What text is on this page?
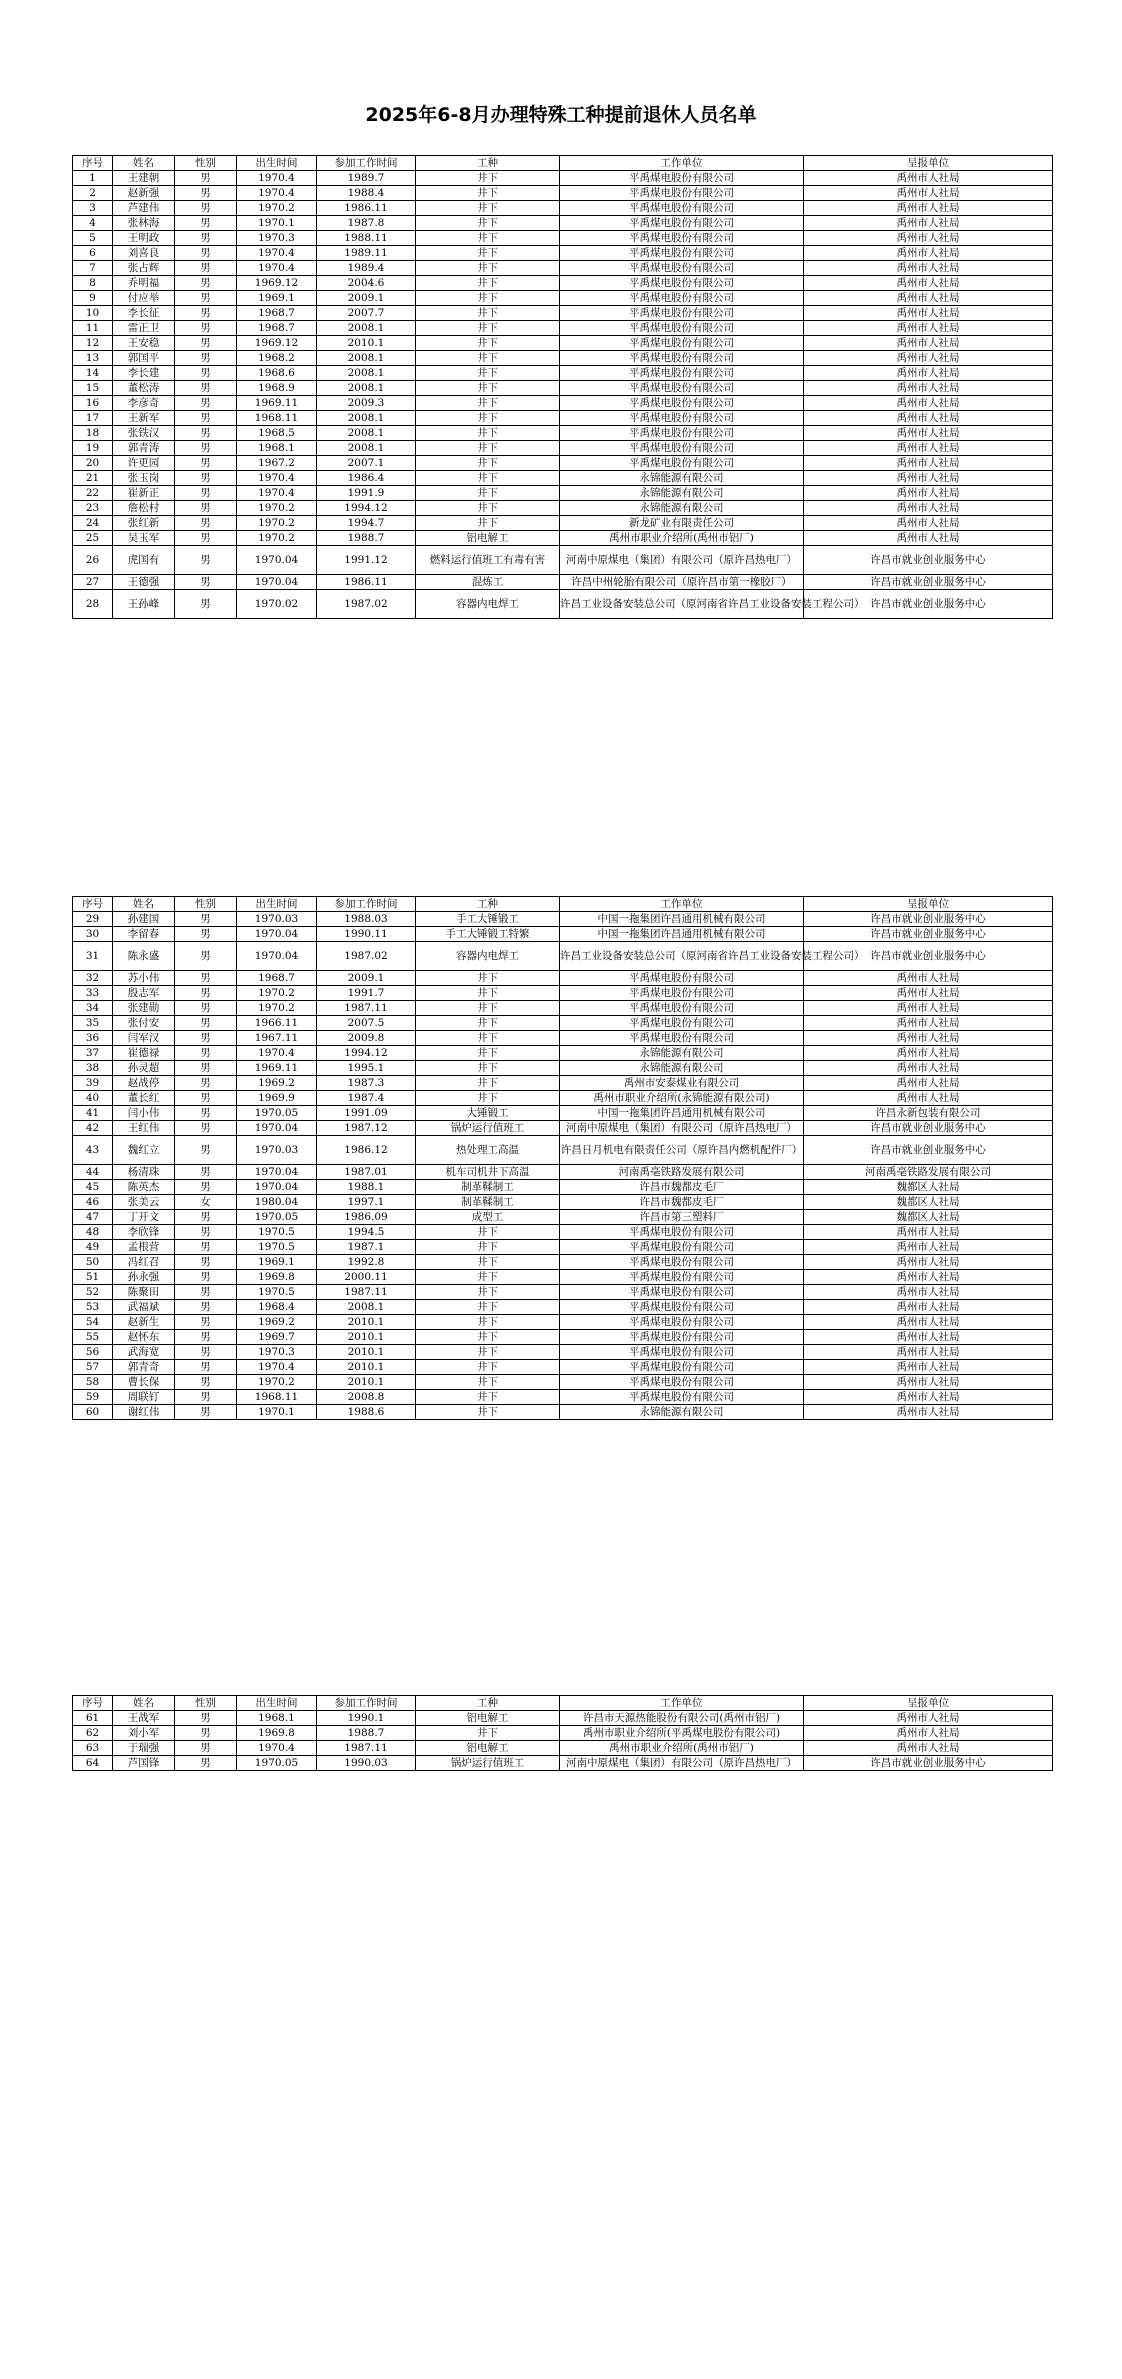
2025年6-8月办理特殊工种提前退休人员名单
序号	姓名	性别	出生时间	参加工作时间	工种	工作单位	呈报单位
1	王建朝	男	1970.4	1989.7	井下	平禹煤电股份有限公司	禹州市人社局
2	赵新强	男	1970.4	1988.4	井下	平禹煤电股份有限公司	禹州市人社局
3	芦建伟	男	1970.2	1986.11	井下	平禹煤电股份有限公司	禹州市人社局
4	张林海	男	1970.1	1987.8	井下	平禹煤电股份有限公司	禹州市人社局
5	王明政	男	1970.3	1988.11	井下	平禹煤电股份有限公司	禹州市人社局
6	刘喜良	男	1970.4	1989.11	井下	平禹煤电股份有限公司	禹州市人社局
7	张占辉	男	1970.4	1989.4	井下	平禹煤电股份有限公司	禹州市人社局
8	乔明福	男	1969.12	2004.6	井下	平禹煤电股份有限公司	禹州市人社局
9	付应举	男	1969.1	2009.1	井下	平禹煤电股份有限公司	禹州市人社局
10	李长征	男	1968.7	2007.7	井下	平禹煤电股份有限公司	禹州市人社局
11	雷正卫	男	1968.7	2008.1	井下	平禹煤电股份有限公司	禹州市人社局
12	王安稳	男	1969.12	2010.1	井下	平禹煤电股份有限公司	禹州市人社局
13	郭国平	男	1968.2	2008.1	井下	平禹煤电股份有限公司	禹州市人社局
14	李长建	男	1968.6	2008.1	井下	平禹煤电股份有限公司	禹州市人社局
15	董松涛	男	1968.9	2008.1	井下	平禹煤电股份有限公司	禹州市人社局
16	李彦奇	男	1969.11	2009.3	井下	平禹煤电股份有限公司	禹州市人社局
17	王新军	男	1968.11	2008.1	井下	平禹煤电股份有限公司	禹州市人社局
18	张铁汉	男	1968.5	2008.1	井下	平禹煤电股份有限公司	禹州市人社局
19	郭青涛	男	1968.1	2008.1	井下	平禹煤电股份有限公司	禹州市人社局
20	许更园	男	1967.2	2007.1	井下	平禹煤电股份有限公司	禹州市人社局
21	张玉岗	男	1970.4	1986.4	井下	永锦能源有限公司	禹州市人社局
22	崔新正	男	1970.4	1991.9	井下	永锦能源有限公司	禹州市人社局
23	詹松村	男	1970.2	1994.12	井下	永锦能源有限公司	禹州市人社局
24	张红新	男	1970.2	1994.7	井下	新龙矿业有限责任公司	禹州市人社局
25	吴玉军	男	1970.2	1988.7	铝电解工	禹州市职业介绍所(禹州市铝厂)	禹州市人社局
26	虎国有	男	1970.04	1991.12	燃料运行值班工有毒有害	河南中原煤电（集团）有限公司（原许昌热电厂）	许昌市就业创业服务中心
27	王德强	男	1970.04	1986.11	混炼工	许昌中州轮胎有限公司（原许昌市第一橡胶厂）	许昌市就业创业服务中心
28	王孙峰	男	1970.02	1987.02	容器内电焊工	许昌工业设备安装总公司（原河南省许昌工业设备安装工程公司）	许昌市就业创业服务中心
序号	姓名	性别	出生时间	参加工作时间	工种	工作单位	呈报单位
29	孙建国	男	1970.03	1988.03	手工大锤锻工	中国一拖集团许昌通用机械有限公司	许昌市就业创业服务中心
30	李留春	男	1970.04	1990.11	手工大锤锻工特繁	中国一拖集团许昌通用机械有限公司	许昌市就业创业服务中心
31	陈永盛	男	1970.04	1987.02	容器内电焊工	许昌工业设备安装总公司（原河南省许昌工业设备安装工程公司）	许昌市就业创业服务中心
32	苏小伟	男	1968.7	2009.1	井下	平禹煤电股份有限公司	禹州市人社局
33	殷志军	男	1970.2	1991.7	井下	平禹煤电股份有限公司	禹州市人社局
34	张建勋	男	1970.2	1987.11	井下	平禹煤电股份有限公司	禹州市人社局
35	张付安	男	1966.11	2007.5	井下	平禹煤电股份有限公司	禹州市人社局
36	闫军汉	男	1967.11	2009.8	井下	平禹煤电股份有限公司	禹州市人社局
37	崔德禄	男	1970.4	1994.12	井下	永锦能源有限公司	禹州市人社局
38	孙灵超	男	1969.11	1995.1	井下	永锦能源有限公司	禹州市人社局
39	赵战停	男	1969.2	1987.3	井下	禹州市安泰煤业有限公司	禹州市人社局
40	董长红	男	1969.9	1987.4	井下	禹州市职业介绍所(永锦能源有限公司)	禹州市人社局
41	闫小伟	男	1970.05	1991.09	大锤锻工	中国一拖集团许昌通用机械有限公司	许昌永新包装有限公司
42	王红伟	男	1970.04	1987.12	锅炉运行值班工	河南中原煤电（集团）有限公司（原许昌热电厂）	许昌市就业创业服务中心
43	魏红立	男	1970.03	1986.12	热处理工高温	许昌日月机电有限责任公司（原许昌内燃机配件厂）	许昌市就业创业服务中心
44	杨清珠	男	1970.04	1987.01	机车司机井下高温	河南禹亳铁路发展有限公司	河南禹亳铁路发展有限公司
45	陈英杰	男	1970.04	1988.1	制革鞣制工	许昌市魏都皮毛厂	魏都区人社局
46	张美云	女	1980.04	1997.1	制革鞣制工	许昌市魏都皮毛厂	魏都区人社局
47	丁开文	男	1970.05	1986.09	成型工	许昌市第三塑料厂	魏都区人社局
48	李欣锋	男	1970.5	1994.5	井下	平禹煤电股份有限公司	禹州市人社局
49	孟根营	男	1970.5	1987.1	井下	平禹煤电股份有限公司	禹州市人社局
50	冯红召	男	1969.1	1992.8	井下	平禹煤电股份有限公司	禹州市人社局
51	孙永强	男	1969.8	2000.11	井下	平禹煤电股份有限公司	禹州市人社局
52	陈聚田	男	1970.5	1987.11	井下	平禹煤电股份有限公司	禹州市人社局
53	武福斌	男	1968.4	2008.1	井下	平禹煤电股份有限公司	禹州市人社局
54	赵新生	男	1969.2	2010.1	井下	平禹煤电股份有限公司	禹州市人社局
55	赵怀东	男	1969.7	2010.1	井下	平禹煤电股份有限公司	禹州市人社局
56	武海宽	男	1970.3	2010.1	井下	平禹煤电股份有限公司	禹州市人社局
57	郭青奇	男	1970.4	2010.1	井下	平禹煤电股份有限公司	禹州市人社局
58	曹长保	男	1970.2	2010.1	井下	平禹煤电股份有限公司	禹州市人社局
59	周联钉	男	1968.11	2008.8	井下	平禹煤电股份有限公司	禹州市人社局
60	谢红伟	男	1970.1	1988.6	井下	永锦能源有限公司	禹州市人社局
序号	姓名	性别	出生时间	参加工作时间	工种	工作单位	呈报单位
61	王战军	男	1968.1	1990.1	铝电解工	许昌市天源热能股份有限公司(禹州市铝厂)	禹州市人社局
62	刘小军	男	1969.8	1988.7	井下	禹州市职业介绍所(平禹煤电股份有限公司)	禹州市人社局
63	于瑞强	男	1970.4	1987.11	铝电解工	禹州市职业介绍所(禹州市铝厂)	禹州市人社局
64	芦国锋	男	1970.05	1990.03	锅炉运行值班工	河南中原煤电（集团）有限公司（原许昌热电厂）	许昌市就业创业服务中心
